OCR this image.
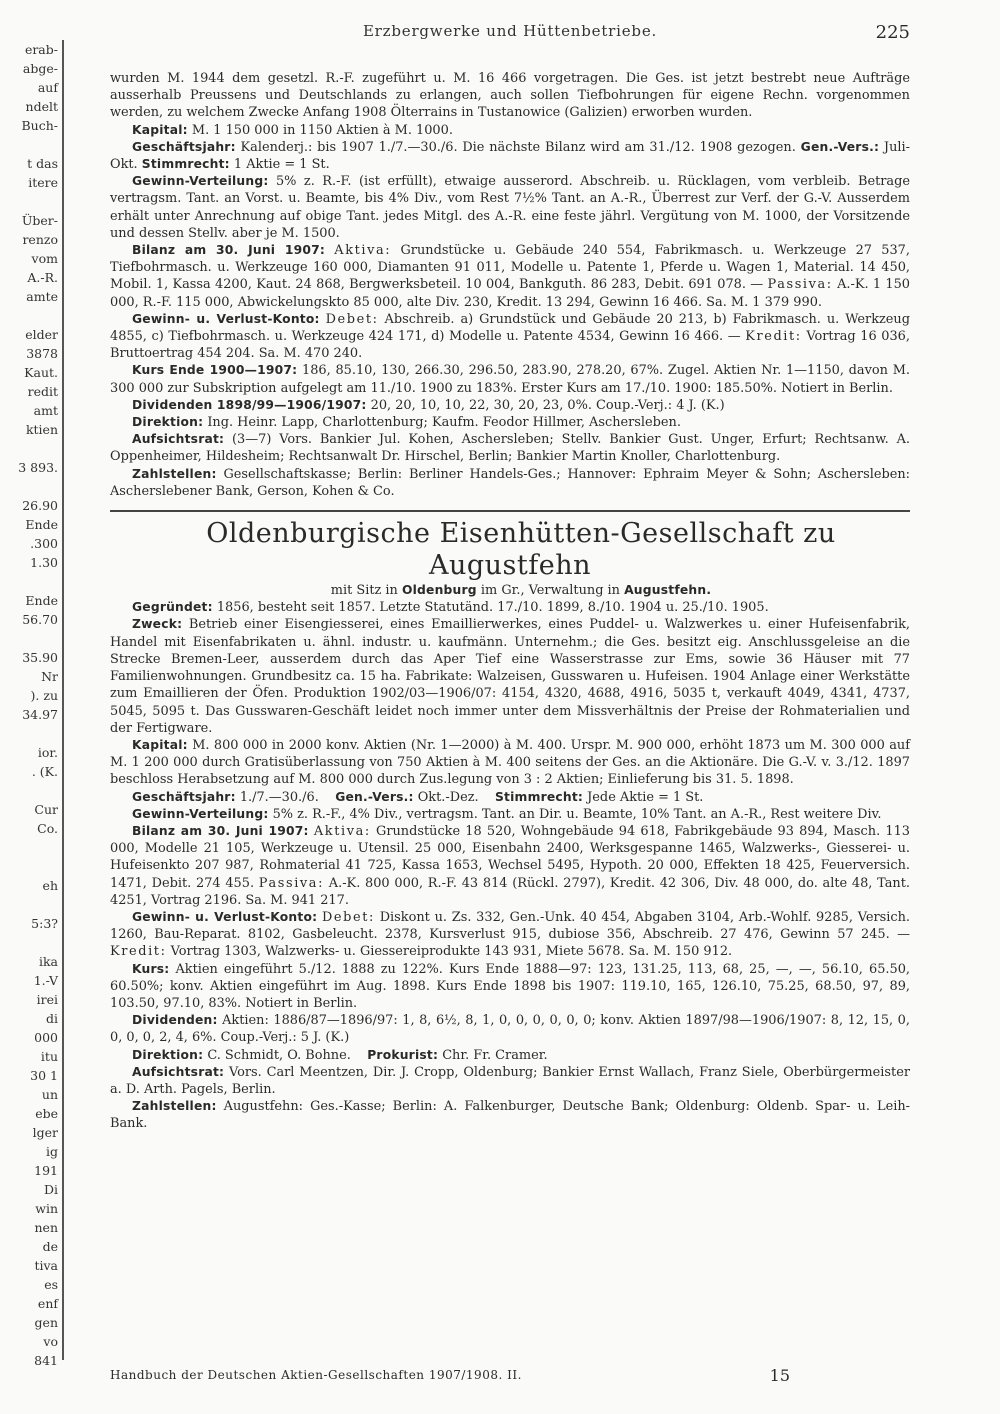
erab-
abge-
auf
ndelt
Buch-
t das
itere
Über-
renzo
vom
A.-R.
amte
elder
3878
Kaut.
redit
amt
ktien
3 893.
26.90
Ende
.300
1.30
Ende
56.70
35.90
Nr
). zu
34.97
ior.
. (K.
Cur
Co.
eh
5:3?
ika
1.-V
irei
di
000
itu
30 1
un
ebe
lger
ig
191
Di
win
nen
de
tiva
es
enf
gen
vo
841
Erzbergwerke und Hüttenbetriebe.	225

wurden M. 1944 dem gesetzl. R.-F. zugeführt u. M. 16 466 vorgetragen. Die Ges. ist jetzt bestrebt neue Aufträge ausserhalb Preussens und Deutschlands zu erlangen, auch sollen Tiefbohrungen für eigene Rechn. vorgenommen werden, zu welchem Zwecke Anfang 1908 Ölterrains in Tustanowice (Galizien) erworben wurden.

Kapital: M. 1 150 000 in 1150 Aktien à M. 1000.

Geschäftsjahr: Kalenderj.: bis 1907 1./7.—30./6. Die nächste Bilanz wird am 31./12. 1908 gezogen. Gen.-Vers.: Juli-Okt. Stimmrecht: 1 Aktie = 1 St.

Gewinn-Verteilung: 5% z. R.-F. (ist erfüllt), etwaige ausserord. Abschreib. u. Rücklagen, vom verbleib. Betrage vertragsm. Tant. an Vorst. u. Beamte, bis 4% Div., vom Rest 7½% Tant. an A.-R., Überrest zur Verf. der G.-V. Ausserdem erhält unter Anrechnung auf obige Tant. jedes Mitgl. des A.-R. eine feste jährl. Vergütung von M. 1000, der Vorsitzende und dessen Stellv. aber je M. 1500.

Bilanz am 30. Juni 1907: Aktiva: Grundstücke u. Gebäude 240 554, Fabrikmasch. u. Werkzeuge 27 537, Tiefbohrmasch. u. Werkzeuge 160 000, Diamanten 91 011, Modelle u. Patente 1, Pferde u. Wagen 1, Material. 14 450, Mobil. 1, Kassa 4200, Kaut. 24 868, Bergwerksbeteil. 10 004, Bankguth. 86 283, Debit. 691 078. — Passiva: A.-K. 1 150 000, R.-F. 115 000, Abwickelungskto 85 000, alte Div. 230, Kredit. 13 294, Gewinn 16 466. Sa. M. 1 379 990.

Gewinn- u. Verlust-Konto: Debet: Abschreib. a) Grundstück und Gebäude 20 213, b) Fabrikmasch. u. Werkzeug 4855, c) Tiefbohrmasch. u. Werkzeuge 424 171, d) Modelle u. Patente 4534, Gewinn 16 466. — Kredit: Vortrag 16 036, Bruttoertrag 454 204. Sa. M. 470 240.

Kurs Ende 1900—1907: 186, 85.10, 130, 266.30, 296.50, 283.90, 278.20, 67%. Zugel. Aktien Nr. 1—1150, davon M. 300 000 zur Subskription aufgelegt am 11./10. 1900 zu 183%. Erster Kurs am 17./10. 1900: 185.50%. Notiert in Berlin.

Dividenden 1898/99—1906/1907: 20, 20, 10, 10, 22, 30, 20, 23, 0%. Coup.-Verj.: 4 J. (K.)

Direktion: Ing. Heinr. Lapp, Charlottenburg; Kaufm. Feodor Hillmer, Aschersleben.

Aufsichtsrat: (3—7) Vors. Bankier Jul. Kohen, Aschersleben; Stellv. Bankier Gust. Unger, Erfurt; Rechtsanw. A. Oppenheimer, Hildesheim; Rechtsanwalt Dr. Hirschel, Berlin; Bankier Martin Knoller, Charlottenburg.

Zahlstellen: Gesellschaftskasse; Berlin: Berliner Handels-Ges.; Hannover: Ephraim Meyer & Sohn; Aschersleben: Ascherslebener Bank, Gerson, Kohen & Co.

Oldenburgische Eisenhütten-Gesellschaft zu Augustfehn

mit Sitz in Oldenburg im Gr., Verwaltung in Augustfehn.

Gegründet: 1856, besteht seit 1857. Letzte Statutänd. 17./10. 1899, 8./10. 1904 u. 25./10. 1905.

Zweck: Betrieb einer Eisengiesserei, eines Emaillierwerkes, eines Puddel- u. Walzwerkes u. einer Hufeisenfabrik, Handel mit Eisenfabrikaten u. ähnl. industr. u. kaufmänn. Unternehm.; die Ges. besitzt eig. Anschlussgeleise an die Strecke Bremen-Leer, ausserdem durch das Aper Tief eine Wasserstrasse zur Ems, sowie 36 Häuser mit 77 Familienwohnungen. Grundbesitz ca. 15 ha. Fabrikate: Walzeisen, Gusswaren u. Hufeisen. 1904 Anlage einer Werkstätte zum Emaillieren der Öfen. Produktion 1902/03—1906/07: 4154, 4320, 4688, 4916, 5035 t, verkauft 4049, 4341, 4737, 5045, 5095 t. Das Gusswaren-Geschäft leidet noch immer unter dem Missverhältnis der Preise der Rohmaterialien und der Fertigware.

Kapital: M. 800 000 in 2000 konv. Aktien (Nr. 1—2000) à M. 400. Urspr. M. 900 000, erhöht 1873 um M. 300 000 auf M. 1 200 000 durch Gratisüberlassung von 750 Aktien à M. 400 seitens der Ges. an die Aktionäre. Die G.-V. v. 3./12. 1897 beschloss Herabsetzung auf M. 800 000 durch Zus.legung von 3 : 2 Aktien; Einlieferung bis 31. 5. 1898.

Geschäftsjahr: 1./7.—30./6. Gen.-Vers.: Okt.-Dez. Stimmrecht: Jede Aktie = 1 St.

Gewinn-Verteilung: 5% z. R.-F., 4% Div., vertragsm. Tant. an Dir. u. Beamte, 10% Tant. an A.-R., Rest weitere Div.

Bilanz am 30. Juni 1907: Aktiva: Grundstücke 18 520, Wohngebäude 94 618, Fabrikgebäude 93 894, Masch. 113 000, Modelle 21 105, Werkzeuge u. Utensil. 25 000, Eisenbahn 2400, Werksgespanne 1465, Walzwerks-, Giesserei- u. Hufeisenkto 207 987, Rohmaterial 41 725, Kassa 1653, Wechsel 5495, Hypoth. 20 000, Effekten 18 425, Feuerversich. 1471, Debit. 274 455. Passiva: A.-K. 800 000, R.-F. 43 814 (Rückl. 2797), Kredit. 42 306, Div. 48 000, do. alte 48, Tant. 4251, Vortrag 2196. Sa. M. 941 217.

Gewinn- u. Verlust-Konto: Debet: Diskont u. Zs. 332, Gen.-Unk. 40 454, Abgaben 3104, Arb.-Wohlf. 9285, Versich. 1260, Bau-Reparat. 8102, Gasbeleucht. 2378, Kursverlust 915, dubiose 356, Abschreib. 27 476, Gewinn 57 245. — Kredit: Vortrag 1303, Walzwerks- u. Giessereiprodukte 143 931, Miete 5678. Sa. M. 150 912.

Kurs: Aktien eingeführt 5./12. 1888 zu 122%. Kurs Ende 1888—97: 123, 131.25, 113, 68, 25, —, —, 56.10, 65.50, 60.50%; konv. Aktien eingeführt im Aug. 1898. Kurs Ende 1898 bis 1907: 119.10, 165, 126.10, 75.25, 68.50, 97, 89, 103.50, 97.10, 83%. Notiert in Berlin.

Dividenden: Aktien: 1886/87—1896/97: 1, 8, 6½, 8, 1, 0, 0, 0, 0, 0, 0; konv. Aktien 1897/98—1906/1907: 8, 12, 15, 0, 0, 0, 0, 2, 4, 6%. Coup.-Verj.: 5 J. (K.)

Direktion: C. Schmidt, O. Bohne. Prokurist: Chr. Fr. Cramer.

Aufsichtsrat: Vors. Carl Meentzen, Dir. J. Cropp, Oldenburg; Bankier Ernst Wallach, Franz Siele, Oberbürgermeister a. D. Arth. Pagels, Berlin.

Zahlstellen: Augustfehn: Ges.-Kasse; Berlin: A. Falkenburger, Deutsche Bank; Oldenburg: Oldenb. Spar- u. Leih-Bank.

Handbuch der Deutschen Aktien-Gesellschaften 1907/1908. II.	15
